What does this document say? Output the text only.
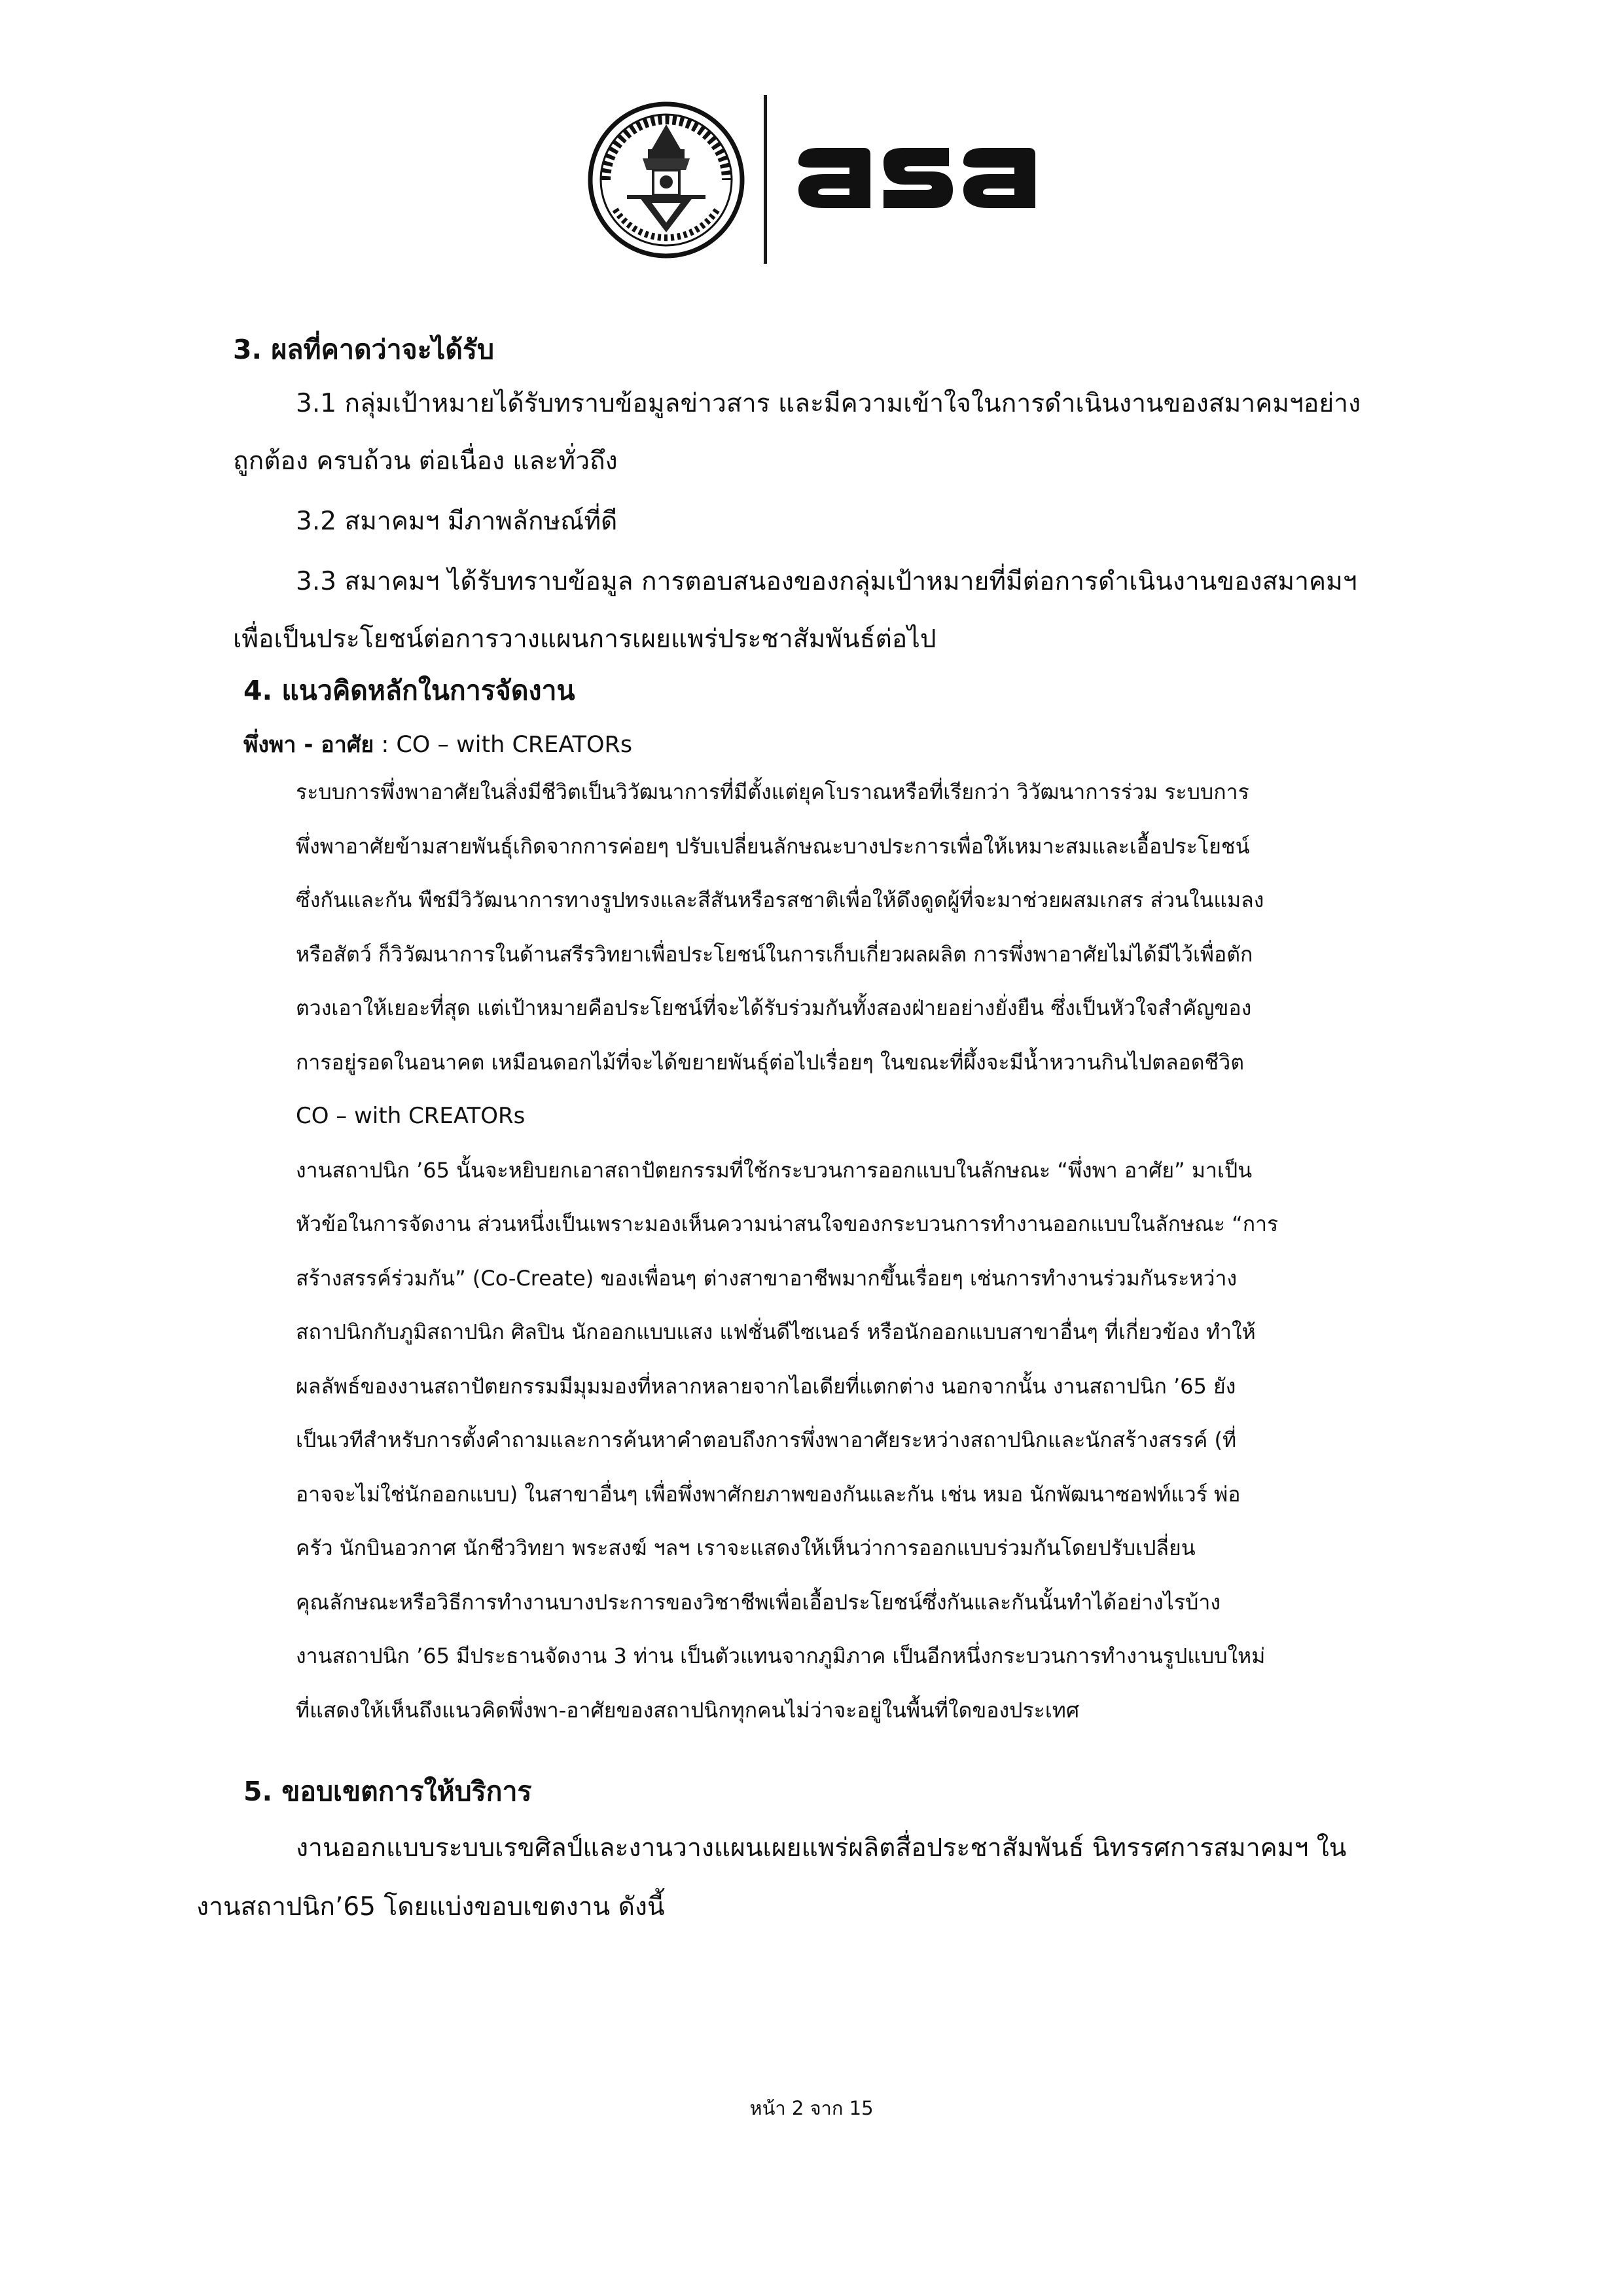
3. ผลที่คาดว่าจะได้รับ

3.1 กลุ่มเป้าหมายได้รับทราบข้อมูลข่าวสาร และมีความเข้าใจในการดำเนินงานของสมาคมฯอย่าง

ถูกต้อง ครบถ้วน ต่อเนื่อง และทั่วถึง

3.2 สมาคมฯ มีภาพลักษณ์ที่ดี

3.3 สมาคมฯ ได้รับทราบข้อมูล การตอบสนองของกลุ่มเป้าหมายที่มีต่อการดำเนินงานของสมาคมฯ

เพื่อเป็นประโยชน์ต่อการวางแผนการเผยแพร่ประชาสัมพันธ์ต่อไป

4. แนวคิดหลักในการจัดงาน

พึ่งพา - อาศัย : CO – with CREATORs

ระบบการพึ่งพาอาศัยในสิ่งมีชีวิตเป็นวิวัฒนาการที่มีตั้งแต่ยุคโบราณหรือที่เรียกว่า วิวัฒนาการร่วม ระบบการ
พึ่งพาอาศัยข้ามสายพันธุ์เกิดจากการค่อยๆ ปรับเปลี่ยนลักษณะบางประการเพื่อให้เหมาะสมและเอื้อประโยชน์
ซึ่งกันและกัน พืชมีวิวัฒนาการทางรูปทรงและสีสันหรือรสชาติเพื่อให้ดึงดูดผู้ที่จะมาช่วยผสมเกสร ส่วนในแมลง
หรือสัตว์ ก็วิวัฒนาการในด้านสรีรวิทยาเพื่อประโยชน์ในการเก็บเกี่ยวผลผลิต การพึ่งพาอาศัยไม่ได้มีไว้เพื่อตัก
ตวงเอาให้เยอะที่สุด แต่เป้าหมายคือประโยชน์ที่จะได้รับร่วมกันทั้งสองฝ่ายอย่างยั่งยืน ซึ่งเป็นหัวใจสำคัญของ
การอยู่รอดในอนาคต เหมือนดอกไม้ที่จะได้ขยายพันธุ์ต่อไปเรื่อยๆ ในขณะที่ผึ้งจะมีน้ำหวานกินไปตลอดชีวิต
CO – with CREATORs
งานสถาปนิก ’65 นั้นจะหยิบยกเอาสถาปัตยกรรมที่ใช้กระบวนการออกแบบในลักษณะ “พึ่งพา อาศัย” มาเป็น
หัวข้อในการจัดงาน ส่วนหนึ่งเป็นเพราะมองเห็นความน่าสนใจของกระบวนการทำงานออกแบบในลักษณะ “การ
สร้างสรรค์ร่วมกัน” (Co-Create) ของเพื่อนๆ ต่างสาขาอาชีพมากขึ้นเรื่อยๆ เช่นการทำงานร่วมกันระหว่าง
สถาปนิกกับภูมิสถาปนิก ศิลปิน นักออกแบบแสง แฟชั่นดีไซเนอร์ หรือนักออกแบบสาขาอื่นๆ ที่เกี่ยวข้อง ทำให้
ผลลัพธ์ของงานสถาปัตยกรรมมีมุมมองที่หลากหลายจากไอเดียที่แตกต่าง นอกจากนั้น งานสถาปนิก ’65 ยัง
เป็นเวทีสำหรับการตั้งคำถามและการค้นหาคำตอบถึงการพึ่งพาอาศัยระหว่างสถาปนิกและนักสร้างสรรค์ (ที่
อาจจะไม่ใช่นักออกแบบ) ในสาขาอื่นๆ เพื่อพึ่งพาศักยภาพของกันและกัน เช่น หมอ นักพัฒนาซอฟท์แวร์ พ่อ
ครัว นักบินอวกาศ นักชีววิทยา พระสงฆ์ ฯลฯ เราจะแสดงให้เห็นว่าการออกแบบร่วมกันโดยปรับเปลี่ยน
คุณลักษณะหรือวิธีการทำงานบางประการของวิชาชีพเพื่อเอื้อประโยชน์ซึ่งกันและกันนั้นทำได้อย่างไรบ้าง
งานสถาปนิก ’65 มีประธานจัดงาน 3 ท่าน เป็นตัวแทนจากภูมิภาค เป็นอีกหนึ่งกระบวนการทำงานรูปแบบใหม่
ที่แสดงให้เห็นถึงแนวคิดพึ่งพา-อาศัยของสถาปนิกทุกคนไม่ว่าจะอยู่ในพื้นที่ใดของประเทศ
5. ขอบเขตการให้บริการ

งานออกแบบระบบเรขศิลป์และงานวางแผนเผยแพร่ผลิตสื่อประชาสัมพันธ์ นิทรรศการสมาคมฯ ใน

งานสถาปนิก’65 โดยแบ่งขอบเขตงาน ดังนี้

หน้า 2 จาก 15
